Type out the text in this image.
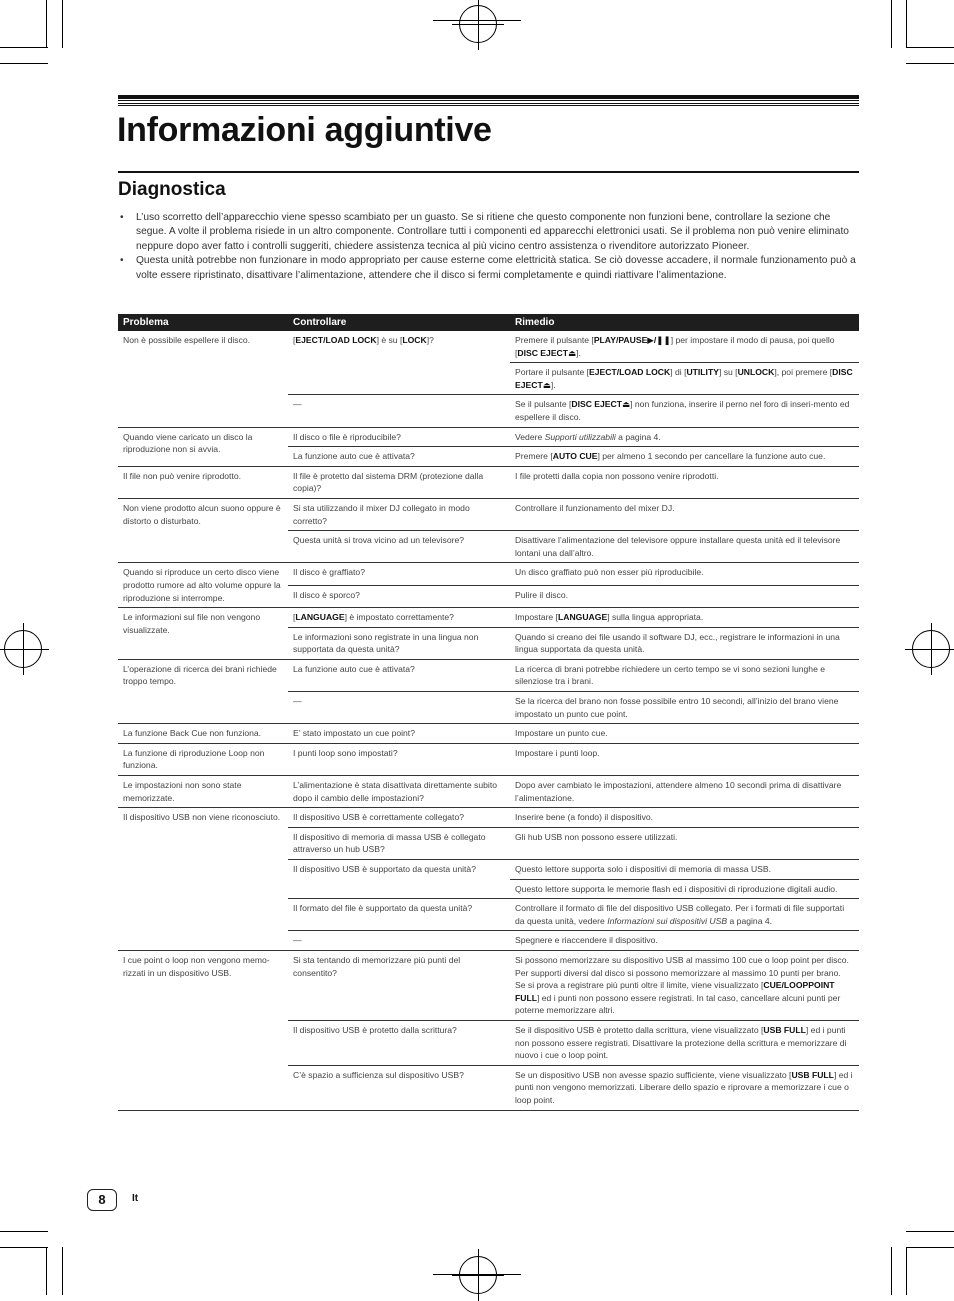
Informazioni aggiuntive
Diagnostica
• L’uso scorretto dell’apparecchio viene spesso scambiato per un guasto. Se si ritiene che questo componente non funzioni bene, controllare la sezione che segue. A volte il problema risiede in un altro componente. Controllare tutti i componenti ed apparecchi elettronici usati. Se il problema non può venire eliminato neppure dopo aver fatto i controlli suggeriti, chiedere assistenza tecnica al più vicino centro assistenza o rivenditore autorizzato Pioneer.
• Questa unità potrebbe non funzionare in modo appropriato per cause esterne come elettricità statica. Se ciò dovesse accadere, il normale funzionamento può a volte essere ripristinato, disattivare l’alimentazione, attendere che il disco si fermi completamente e quindi riattivare l’alimentazione.
Problema	Controllare	Rimedio
Non è possibile espellere il disco.	[EJECT/LOAD LOCK] è su [LOCK]?	Premere il pulsante [PLAY/PAUSE▶/❚❚] per impostare il modo di pausa, poi quello [DISC EJECT⏏].
		Portare il pulsante [EJECT/LOAD LOCK] di [UTILITY] su [UNLOCK], poi premere [DISC EJECT⏏].
	—	Se il pulsante [DISC EJECT⏏] non funziona, inserire il perno nel foro di inseri-mento ed espellere il disco.
Quando viene caricato un disco la riproduzione non si avvia.	Il disco o file è riproducibile?	Vedere Supporti utilizzabili a pagina 4.
	La funzione auto cue è attivata?	Premere [AUTO CUE] per almeno 1 secondo per cancellare la funzione auto cue.
Il file non può venire riprodotto.	Il file è protetto dal sistema DRM (protezione dalla copia)?	I file protetti dalla copia non possono venire riprodotti.
Non viene prodotto alcun suono oppure è distorto o disturbato.	Si sta utilizzando il mixer DJ collegato in modo corretto?	Controllare il funzionamento del mixer DJ.
	Questa unità si trova vicino ad un televisore?	Disattivare l’alimentazione del televisore oppure installare questa unità ed il televisore lontani una dall’altro.
Quando si riproduce un certo disco viene prodotto rumore ad alto volume oppure la riproduzione si interrompe.	Il disco è graffiato?	Un disco graffiato può non esser più riproducibile.
	Il disco è sporco?	Pulire il disco.
Le informazioni sul file non vengono visualizzate.	[LANGUAGE] è impostato correttamente?	Impostare [LANGUAGE] sulla lingua appropriata.
	Le informazioni sono registrate in una lingua non supportata da questa unità?	Quando si creano dei file usando il software DJ, ecc., registrare le informazioni in una lingua supportata da questa unità.
L’operazione di ricerca dei brani richiede troppo tempo.	La funzione auto cue è attivata?	La ricerca di brani potrebbe richiedere un certo tempo se vi sono sezioni lunghe e silenziose tra i brani.
	—	Se la ricerca del brano non fosse possibile entro 10 secondi, all’inizio del brano viene impostato un punto cue point.
La funzione Back Cue non funziona.	E’ stato impostato un cue point?	Impostare un punto cue.
La funzione di riproduzione Loop non funziona.	I punti loop sono impostati?	Impostare i punti loop.
Le impostazioni non sono state memorizzate.	L’alimentazione è stata disattivata direttamente subito dopo il cambio delle impostazioni?	Dopo aver cambiato le impostazioni, attendere almeno 10 secondi prima di disattivare l’alimentazione.
Il dispositivo USB non viene riconosciuto.	Il dispositivo USB è correttamente collegato?	Inserire bene (a fondo) il dispositivo.
	Il dispositivo di memoria di massa USB è collegato attraverso un hub USB?	Gli hub USB non possono essere utilizzati.
	Il dispositivo USB è supportato da questa unità?	Questo lettore supporta solo i dispositivi di memoria di massa USB.
		Questo lettore supporta le memorie flash ed i dispositivi di riproduzione digitali audio.
	Il formato del file è supportato da questa unità?	Controllare il formato di file del dispositivo USB collegato. Per i formati di file supportati da questa unità, vedere Informazioni sui dispositivi USB a pagina 4.
	—	Spegnere e riaccendere il dispositivo.
I cue point o loop non vengono memo-rizzati in un dispositivo USB.	Si sta tentando di memorizzare più punti del consentito?	Si possono memorizzare su dispositivo USB al massimo 100 cue o loop point per disco. Per supporti diversi dal disco si possono memorizzare al massimo 10 punti per brano.
Se si prova a registrare più punti oltre il limite, viene visualizzato [CUE/LOOPPOINT FULL] ed i punti non possono essere registrati. In tal caso, cancellare alcuni punti per poterne memorizzare altri.
	Il dispositivo USB è protetto dalla scrittura?	Se il dispositivo USB è protetto dalla scrittura, viene visualizzato [USB FULL] ed i punti non possono essere registrati. Disattivare la protezione della scrittura e memorizzare di nuovo i cue o loop point.
	C’è spazio a sufficienza sul dispositivo USB?	Se un dispositivo USB non avesse spazio sufficiente, viene visualizzato [USB FULL] ed i punti non vengono memorizzati. Liberare dello spazio e riprovare a memorizzare i cue o loop point.
8	It
